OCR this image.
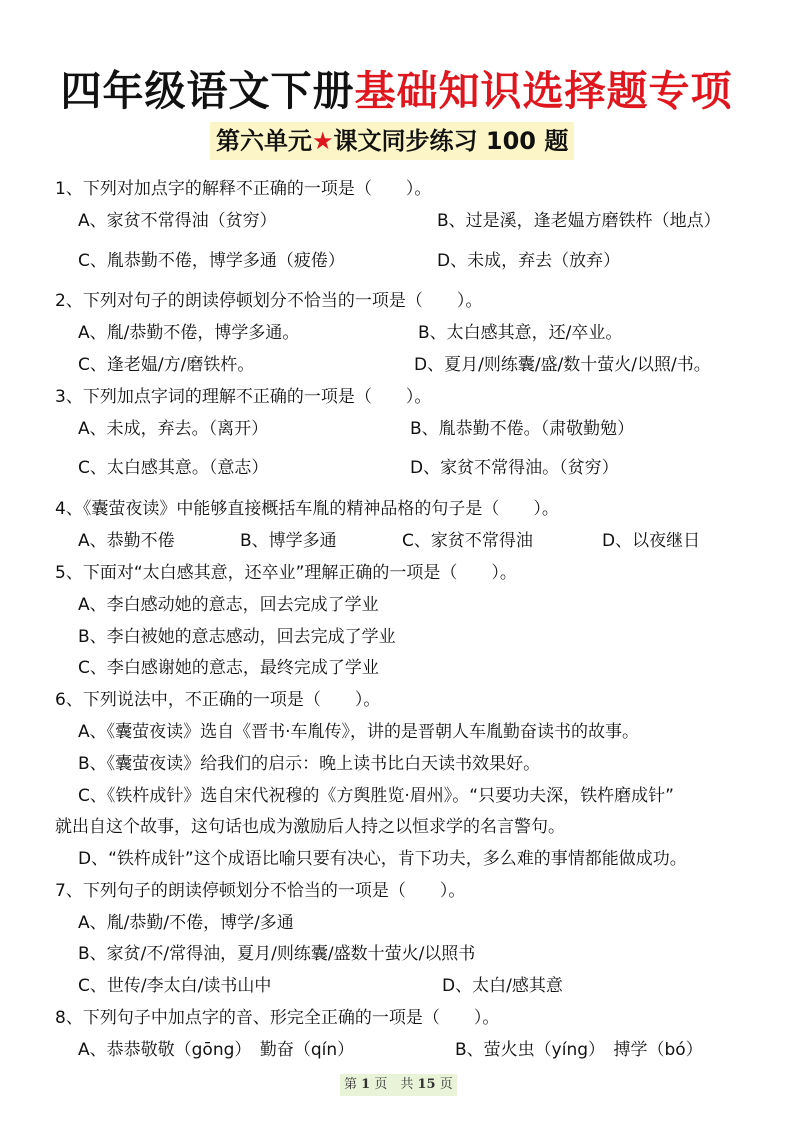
四年级语文下册基础知识选择题专项
第六单元★课文同步练习 100 题
1、下列对加点字的解释不正确的一项是（　　）。
A、家贫不常得油（贫穷）	B、过是溪，逢老媪方磨铁杵（地点）
C、胤恭勤不倦，博学多通（疲倦）	D、未成，弃去（放弃）
2、下列对句子的朗读停顿划分不恰当的一项是（　　）。
A、胤/恭勤不倦，博学多通。	B、太白感其意，还/卒业。
C、逢老媪/方/磨铁杵。	D、夏月/则练囊/盛/数十萤火/以照/书。
3、下列加点字词的理解不正确的一项是（　　）。
A、未成，弃去。（离开）	B、胤恭勤不倦。（肃敬勤勉）
C、太白感其意。（意志）	D、家贫不常得油。（贫穷）
4、《囊萤夜读》中能够直接概括车胤的精神品格的句子是（　　）。
A、恭勤不倦	B、博学多通	C、家贫不常得油	D、以夜继日
5、下面对“太白感其意，还卒业”理解正确的一项是（　　）。
A、李白感动她的意志，回去完成了学业
B、李白被她的意志感动，回去完成了学业
C、李白感谢她的意志，最终完成了学业
6、下列说法中，不正确的一项是（　　）。
A、《囊萤夜读》选自《晋书·车胤传》，讲的是晋朝人车胤勤奋读书的故事。
B、《囊萤夜读》给我们的启示：晚上读书比白天读书效果好。
C、《铁杵成针》选自宋代祝穆的《方舆胜览·眉州》。“只要功夫深，铁杵磨成针”
就出自这个故事，这句话也成为激励后人持之以恒求学的名言警句。
D、“铁杵成针”这个成语比喻只要有决心，肯下功夫，多么难的事情都能做成功。
7、下列句子的朗读停顿划分不恰当的一项是（　　）。
A、胤/恭勤/不倦，博学/多通
B、家贫/不/常得油，夏月/则练囊/盛数十萤火/以照书
C、世传/李太白/读书山中	D、太白/感其意
8、下列句子中加点字的音、形完全正确的一项是（　　）。
A、恭恭敬敬（gōng）　勤奋（qín）	B、萤火虫（yíng）　搏学（bó）
第 1 页　共 15 页
